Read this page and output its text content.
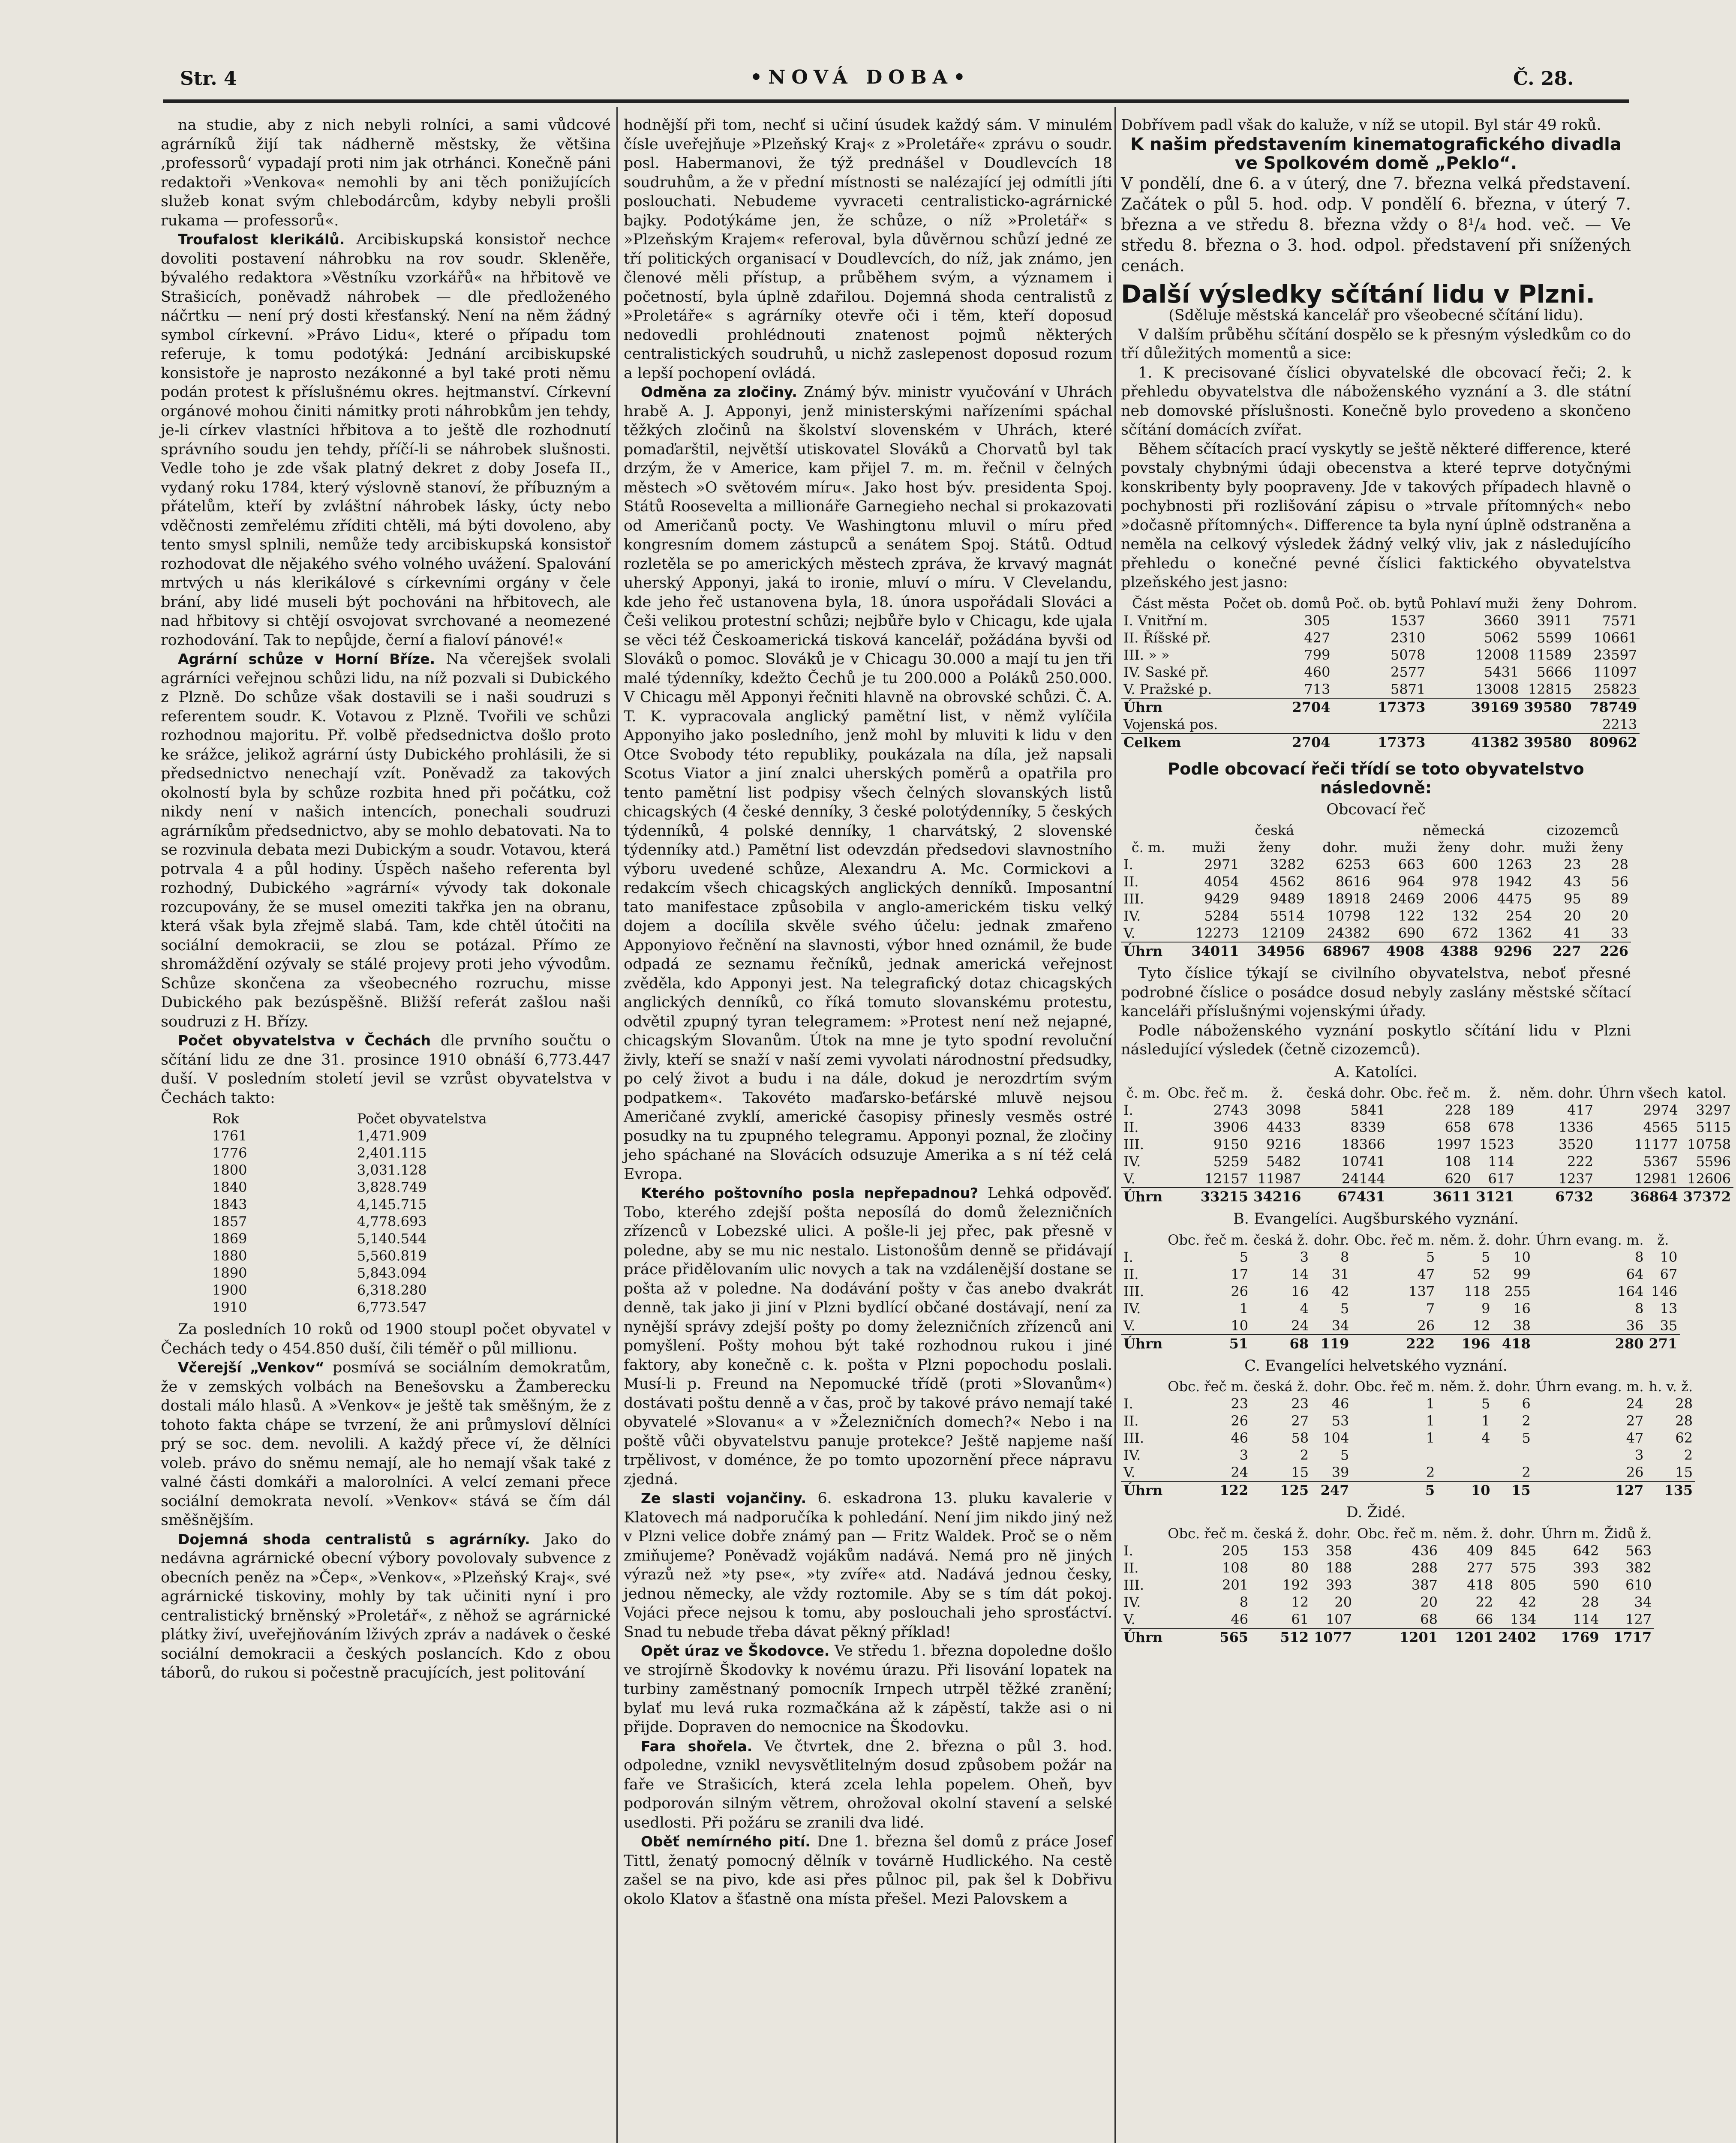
Str. 4	•NOVÁ DOBA•	Č. 28.

na studie, aby z nich nebyli rolníci, a sami vůdcové agrárníků žijí tak nádherně městsky, že většina ‚professorů‘ vypadají proti nim jak otrhánci. Konečně páni redaktoři »Venkova« nemohli by ani těch ponižujících služeb konat svým chlebodárcům, kdyby nebyli prošli rukama — professorů«.

Troufalost klerikálů. Arcibiskupská konsistoř nechce dovoliti postavení náhrobku na rov soudr. Skleněře, bývalého redaktora »Věstníku vzorkářů« na hřbitově ve Strašicích, poněvadž náhrobek — dle předloženého náčrtku — není prý dosti křesťanský. Není na něm žádný symbol církevní. »Právo Lidu«, které o případu tom referuje, k tomu podotýká: Jednání arcibiskupské konsistoře je naprosto nezákonné a byl také proti němu podán protest k příslušnému okres. hejtmanství. Církevní orgánové mohou činiti námitky proti náhrobkům jen tehdy, je-li církev vlastníci hřbitova a to ještě dle rozhodnutí správního soudu jen tehdy, příčí-li se náhrobek slušnosti. Vedle toho je zde však platný dekret z doby Josefa II., vydaný roku 1784, který výslovně stanoví, že příbuzným a přátelům, kteří by zvláštní náhrobek lásky, úcty nebo vděčnosti zemřelému zříditi chtěli, má býti dovoleno, aby tento smysl splnili, nemůže tedy arcibiskupská konsistoř rozhodovat dle nějakého svého volného uvážení. Spalování mrtvých u nás klerikálové s církevními orgány v čele brání, aby lidé museli být pochováni na hřbitovech, ale nad hřbitovy si chtějí osvojovat svrchované a neomezené rozhodování. Tak to nepůjde, černí a fialoví pánové!«

Agrární schůze v Horní Bříze. Na včerejšek svolali agrárníci veřejnou schůzi lidu, na níž pozvali si Dubického z Plzně. Do schůze však dostavili se i naši soudruzi s referentem soudr. K. Votavou z Plzně. Tvořili ve schůzi rozhodnou majoritu. Př. volbě předsednictva došlo proto ke srážce, jelikož agrární ústy Dubického prohlásili, že si předsednictvo nenechají vzít. Poněvadž za takových okolností byla by schůze rozbita hned při počátku, což nikdy není v našich intencích, ponechali soudruzi agrárníkům předsednictvo, aby se mohlo debatovati. Na to se rozvinula debata mezi Dubickým a soudr. Votavou, která potrvala 4 a půl hodiny. Úspěch našeho referenta byl rozhodný, Dubického »agrární« vývody tak dokonale rozcupovány, že se musel omeziti takřka jen na obranu, která však byla zřejmě slabá. Tam, kde chtěl útočiti na sociální demokracii, se zlou se potázal. Přímo ze shromáždění ozývaly se stálé projevy proti jeho vývodům. Schůze skončena za všeobecného rozruchu, misse Dubického pak bezúspěšně. Bližší referát zašlou naši soudruzi z H. Břízy.

Počet obyvatelstva v Čechách dle prvního součtu o sčítání lidu ze dne 31. prosince 1910 obnáší 6,773.447 duší. V posledním století jevil se vzrůst obyvatelstva v Čechách takto:

Rok	Počet obyvatelstva
1761	1,471.909
1776	2,401.115
1800	3,031.128
1840	3,828.749
1843	4,145.715
1857	4,778.693
1869	5,140.544
1880	5,560.819
1890	5,843.094
1900	6,318.280
1910	6,773.547

Za posledních 10 roků od 1900 stoupl počet obyvatel v Čechách tedy o 454.850 duší, čili téměř o půl millionu.

Včerejší „Venkov“ posmívá se sociálním demokratům, že v zemských volbách na Benešovsku a Žamberecku dostali málo hlasů. A »Venkov« je ještě tak směšným, že z tohoto fakta chápe se tvrzení, že ani průmysloví dělníci prý se soc. dem. nevolili. A každý přece ví, že dělníci voleb. právo do sněmu nemají, ale ho nemají však také z valné části domkáři a malorolníci. A velcí zemani přece sociální demokrata nevolí. »Venkov« stává se čím dál směšnějším.

Dojemná shoda centralistů s agrárníky. Jako do nedávna agrárnické obecní výbory povolovaly subvence z obecních peněz na »Čep«, »Venkov«, »Plzeňský Kraj«, své agrárnické tiskoviny, mohly by tak učiniti nyní i pro centralistický brněnský »Proletář«, z něhož se agrárnické plátky živí, uveřejňováním lživých zpráv a nadávek o české sociální demokracii a českých poslancích. Kdo z obou táborů, do rukou si počestně pracujících, jest politování

hodnější při tom, nechť si učiní úsudek každý sám. V minulém čísle uveřejňuje »Plzeňský Kraj« z »Proletáře« zprávu o soudr. posl. Habermanovi, že týž prednášel v Doudlevcích 18 soudruhům, a že v přední místnosti se nalézající jej odmítli jíti poslouchati. Nebudeme vyvraceti centralisticko-agrárnické bajky. Podotýkáme jen, že schůze, o níž »Proletář« s »Plzeňským Krajem« referoval, byla důvěrnou schůzí jedné ze tří politických organisací v Doudlevcích, do níž, jak známo, jen členové měli přístup, a průběhem svým, a významem i početností, byla úplně zdařilou. Dojemná shoda centralistů z »Proletáře« s agrárníky otevře oči i těm, kteří doposud nedovedli prohlédnouti znatenost pojmů některých centralistických soudruhů, u nichž zaslepenost doposud rozum a lepší pochopení ovládá.

Odměna za zločiny. Známý býv. ministr vyučování v Uhrách hrabě A. J. Apponyi, jenž ministerskými nařízeními spáchal těžkých zločinů na školství slovenském v Uhrách, které pomaďarštil, největší utiskovatel Slováků a Chorvatů byl tak drzým, že v Americe, kam přijel 7. m. m. řečnil v čelných městech »O světovém míru«. Jako host býv. presidenta Spoj. Států Roosevelta a millionáře Garnegieho nechal si prokazovati od Američanů pocty. Ve Washingtonu mluvil o míru před kongresním domem zástupců a senátem Spoj. Států. Odtud rozletěla se po amerických městech zpráva, že krvavý magnát uherský Apponyi, jaká to ironie, mluví o míru. V Clevelandu, kde jeho řeč ustanovena byla, 18. února uspořádali Slováci a Češi velikou protestní schůzi; nejbůře bylo v Chicagu, kde ujala se věci též Českoamerická tisková kancelář, požádána byvši od Slováků o pomoc. Slováků je v Chicagu 30.000 a mají tu jen tři malé týdenníky, kdežto Čechů je tu 200.000 a Poláků 250.000. V Chicagu měl Apponyi řečniti hlavně na obrovské schůzi. Č. A. T. K. vypracovala anglický pamětní list, v němž vylíčila Apponyiho jako posledního, jenž mohl by mluviti k lidu v den Otce Svobody této republiky, poukázala na díla, jež napsali Scotus Viator a jiní znalci uherských poměrů a opatřila pro tento pamětní list podpisy všech čelných slovanských listů chicagských (4 české denníky, 3 české polotýdenníky, 5 českých týdenníků, 4 polské denníky, 1 charvátský, 2 slovenské týdenníky atd.) Pamětní list odevzdán předsedovi slavnostního výboru uvedené schůze, Alexandru A. Mc. Cormickovi a redakcím všech chicagských anglických denníků. Imposantní tato manifestace způsobila v anglo-americkém tisku velký dojem a docílila skvěle svého účelu: jednak zmařeno Apponyiovo řečnění na slavnosti, výbor hned oznámil, že bude odpadá ze seznamu řečníků, jednak americká veřejnost zvěděla, kdo Apponyi jest. Na telegrafický dotaz chicagských anglických denníků, co říká tomuto slovanskému protestu, odvětil zpupný tyran telegramem: »Protest není než nejapné, chicagským Slovanům. Útok na mne je tyto spodní revoluční živly, kteří se snaží v naší zemi vyvolati národnostní předsudky, po celý život a budu i na dále, dokud je nerozdrtím svým podpatkem«. Takovéto maďarsko-beťárské mluvě nejsou Američané zvyklí, americké časopisy přinesly vesměs ostré posudky na tu zpupného telegramu. Apponyi poznal, že zločiny jeho spáchané na Slovácích odsuzuje Amerika a s ní též celá Evropa.

Kterého poštovního posla nepřepadnou? Lehká odpověď. Tobo, kterého zdejší pošta neposílá do domů železničních zřízenců v Lobezské ulici. A pošle-li jej přec, pak přesně v poledne, aby se mu nic nestalo. Listonošům denně se přidávají práce přidělovaním ulic novych a tak na vzdálenější dostane se pošta až v poledne. Na dodávání pošty v čas anebo dvakrát denně, tak jako ji jiní v Plzni bydlící občané dostávají, není za nynější správy zdejší pošty po domy železničních zřízenců ani pomyšlení. Pošty mohou být také rozhodnou rukou i jiné faktory, aby konečně c. k. pošta v Plzni popochodu poslali. Musí-li p. Freund na Nepomucké třídě (proti »Slovanům«) dostávati poštu denně a v čas, proč by takové právo nemají také obyvatelé »Slovanu« a v »Železničních domech?« Nebo i na poště vůči obyvatelstvu panuje protekce? Ještě napjeme naší trpělivost, v doménce, že po tomto upozornění přece nápravu zjedná.

Ze slasti vojančiny. 6. eskadrona 13. pluku kavalerie v Klatovech má nadporučíka k pohledání. Není jim nikdo jiný než v Plzni velice dobře známý pan — Fritz Waldek. Proč se o něm zmiňujeme? Poněvadž vojákům nadává. Nemá pro ně jiných výrazů než »ty pse«, »ty zvíře« atd. Nadává jednou česky, jednou německy, ale vždy roztomile. Aby se s tím dát pokoj. Vojáci přece nejsou k tomu, aby poslouchali jeho sprosťáctví. Snad tu nebude třeba dávat pěkný příklad!

Opět úraz ve Škodovce. Ve středu 1. března dopoledne došlo ve strojírně Škodovky k novému úrazu. Při lisování lopatek na turbiny zaměstnaný pomocník Irnpech utrpěl těžké zranění; bylať mu levá ruka rozmačkána až k zápěstí, takže asi o ni přijde. Dopraven do nemocnice na Škodovku.

Fara shořela. Ve čtvrtek, dne 2. března o půl 3. hod. odpoledne, vznikl nevysvětlitelným dosud způsobem požár na faře ve Strašicích, která zcela lehla popelem. Oheň, byv podporován silným větrem, ohrožoval okolní stavení a selské usedlosti. Při požáru se zranili dva lidé.

Oběť nemírného pití. Dne 1. března šel domů z práce Josef Tittl, ženatý pomocný dělník v továrně Hudlického. Na cestě zašel se na pivo, kde asi přes půlnoc pil, pak šel k Dobřivu okolo Klatov a šťastně ona místa přešel. Mezi Palovskem a

Dobřívem padl však do kaluže, v níž se utopil. Byl stár 49 roků.

K našim představením kinematografického divadla ve Spolkovém domě „Peklo“.

V pondělí, dne 6. a v úterý, dne 7. března velká představení. Začátek o půl 5. hod. odp. V pondělí 6. března, v úterý 7. března a ve středu 8. března vždy o 8¹/₄ hod. več. — Ve středu 8. března o 3. hod. odpol. představení při snížených cenách.

Další výsledky sčítání lidu v Plzni.
(Sděluje městská kancelář pro všeobecné sčítání lidu).

V dalším průběhu sčítání dospělo se k přesným výsledkům co do tří důležitých momentů a sice:

1. K precisované číslici obyvatelské dle obcovací řeči; 2. k přehledu obyvatelstva dle náboženského vyznání a 3. dle státní neb domovské příslušnosti. Konečně bylo provedeno a skončeno sčítání domácích zvířat.

Během sčítacích prací vyskytly se ještě některé difference, které povstaly chybnými údaji obecenstva a které teprve dotyčnými konskribenty byly poopraveny. Jde v takových případech hlavně o pochybnosti při rozlišování zápisu o »trvale přítomných« nebo »dočasně přítomných«. Difference ta byla nyní úplně odstraněna a neměla na celkový výsledek žádný velký vliv, jak z následujícího přehledu o konečné pevné číslici faktického obyvatelstva plzeňského jest jasno:

Část města	Počet ob. domů	Poč. ob. bytů	Pohlaví muži	ženy	Dohrom.
I. Vnitřní m.	305	1537	3660	3911	7571
II. Říšské př.	427	2310	5062	5599	10661
III. » »	799	5078	12008	11589	23597
IV. Saské př.	460	2577	5431	5666	11097
V. Pražské p.	713	5871	13008	12815	25823
Úhrn	2704	17373	39169	39580	78749
Vojenská pos.					2213
Celkem	2704	17373	41382	39580	80962
Podle obcovací řeči třídí se toto obyvatelstvo následovně:
Obcovací řeč
	česká			německá			cizozemců	
č. m.	muži	ženy	dohr.	muži	ženy	dohr.	muži	ženy
I.	2971	3282	6253	663	600	1263	23	28
II.	4054	4562	8616	964	978	1942	43	56
III.	9429	9489	18918	2469	2006	4475	95	89
IV.	5284	5514	10798	122	132	254	20	20
V.	12273	12109	24382	690	672	1362	41	33
Úhrn	34011	34956	68967	4908	4388	9296	227	226

Tyto číslice týkají se civilního obyvatelstva, neboť přesné podrobné číslice o posádce dosud nebyly zaslány městské sčítací kanceláři příslušnými vojenskými úřady.

Podle náboženského vyznání poskytlo sčítání lidu v Plzni následující výsledek (četně cizozemců).

A. Katolíci.
č. m.	Obc. řeč m.	ž.	česká dohr.	Obc. řeč m.	ž.	něm. dohr.	Úhrn všech	katol.
I.	2743	3098	5841	228	189	417	2974	3297
II.	3906	4433	8339	658	678	1336	4565	5115
III.	9150	9216	18366	1997	1523	3520	11177	10758
IV.	5259	5482	10741	108	114	222	5367	5596
V.	12157	11987	24144	620	617	1237	12981	12606
Úhrn	33215	34216	67431	3611	3121	6732	36864	37372
B. Evangelíci. Augšburského vyznání.
	Obc. řeč m.	česká ž.	dohr.	Obc. řeč m.	něm. ž.	dohr.	Úhrn evang. m.	ž.
I.	5	3	8	5	5	10	8	10
II.	17	14	31	47	52	99	64	67
III.	26	16	42	137	118	255	164	146
IV.	1	4	5	7	9	16	8	13
V.	10	24	34	26	12	38	36	35
Úhrn	51	68	119	222	196	418	280	271
C. Evangelíci helvetského vyznání.
	Obc. řeč m.	česká ž.	dohr.	Obc. řeč m.	něm. ž.	dohr.	Úhrn evang. m.	h. v. ž.
I.	23	23	46	1	5	6	24	28
II.	26	27	53	1	1	2	27	28
III.	46	58	104	1	4	5	47	62
IV.	3	2	5				3	2
V.	24	15	39	2		2	26	15
Úhrn	122	125	247	5	10	15	127	135
D. Židé.
	Obc. řeč m.	česká ž.	dohr.	Obc. řeč m.	něm. ž.	dohr.	Úhrn m.	Židů ž.
I.	205	153	358	436	409	845	642	563
II.	108	80	188	288	277	575	393	382
III.	201	192	393	387	418	805	590	610
IV.	8	12	20	20	22	42	28	34
V.	46	61	107	68	66	134	114	127
Úhrn	565	512	1077	1201	1201	2402	1769	1717
